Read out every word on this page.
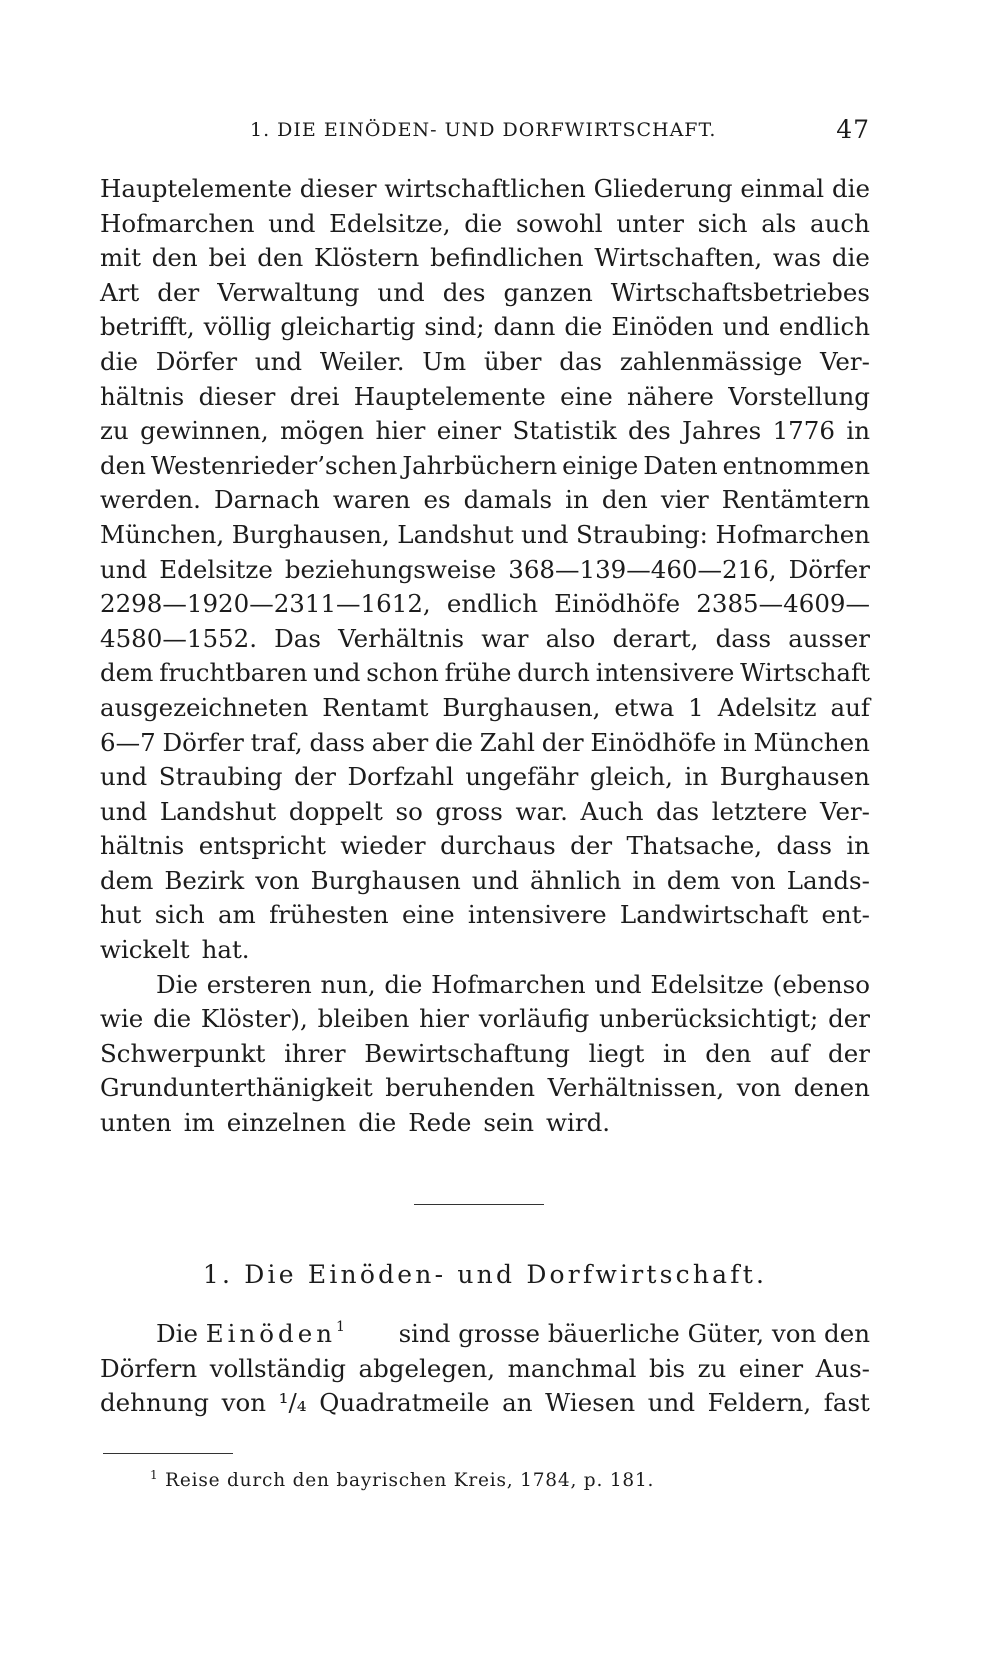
1. DIE EINÖDEN- UND DORFWIRTSCHAFT.	47
Hauptelemente dieser wirtschaftlichen Gliederung einmal die
Hofmarchen und Edelsitze, die sowohl unter sich als auch
mit den bei den Klöstern befindlichen Wirtschaften, was die
Art der Verwaltung und des ganzen Wirtschaftsbetriebes
betrifft, völlig gleichartig sind; dann die Einöden und endlich
die Dörfer und Weiler. Um über das zahlenmässige Ver-
hältnis dieser drei Hauptelemente eine nähere Vorstellung
zu gewinnen, mögen hier einer Statistik des Jahres 1776 in
den Westenrieder’schen Jahrbüchern einige Daten entnommen
werden. Darnach waren es damals in den vier Rentämtern
München, Burghausen, Landshut und Straubing: Hofmarchen
und Edelsitze beziehungsweise 368—139—460—216, Dörfer
2298—1920—2311—1612, endlich Einödhöfe 2385—4609—
4580—1552. Das Verhältnis war also derart, dass ausser
dem fruchtbaren und schon frühe durch intensivere Wirtschaft
ausgezeichneten Rentamt Burghausen, etwa 1 Adelsitz auf
6—7 Dörfer traf, dass aber die Zahl der Einödhöfe in München
und Straubing der Dorfzahl ungefähr gleich, in Burghausen
und Landshut doppelt so gross war. Auch das letztere Ver-
hältnis entspricht wieder durchaus der Thatsache, dass in
dem Bezirk von Burghausen und ähnlich in dem von Lands-
hut sich am frühesten eine intensivere Landwirtschaft ent-
wickelt hat.
Die ersteren nun, die Hofmarchen und Edelsitze (ebenso
wie die Klöster), bleiben hier vorläufig unberücksichtigt; der
Schwerpunkt ihrer Bewirtschaftung liegt in den auf der
Grundunterthänigkeit beruhenden Verhältnissen, von denen
unten im einzelnen die Rede sein wird.
1. Die Einöden- und Dorfwirtschaft.
Die Einöden$^1$ sind grosse bäuerliche Güter, von den
Dörfern vollständig abgelegen, manchmal bis zu einer Aus-
dehnung von ¹/₄ Quadratmeile an Wiesen und Feldern, fast
$^1$ Reise durch den bayrischen Kreis, 1784, p. 181.
